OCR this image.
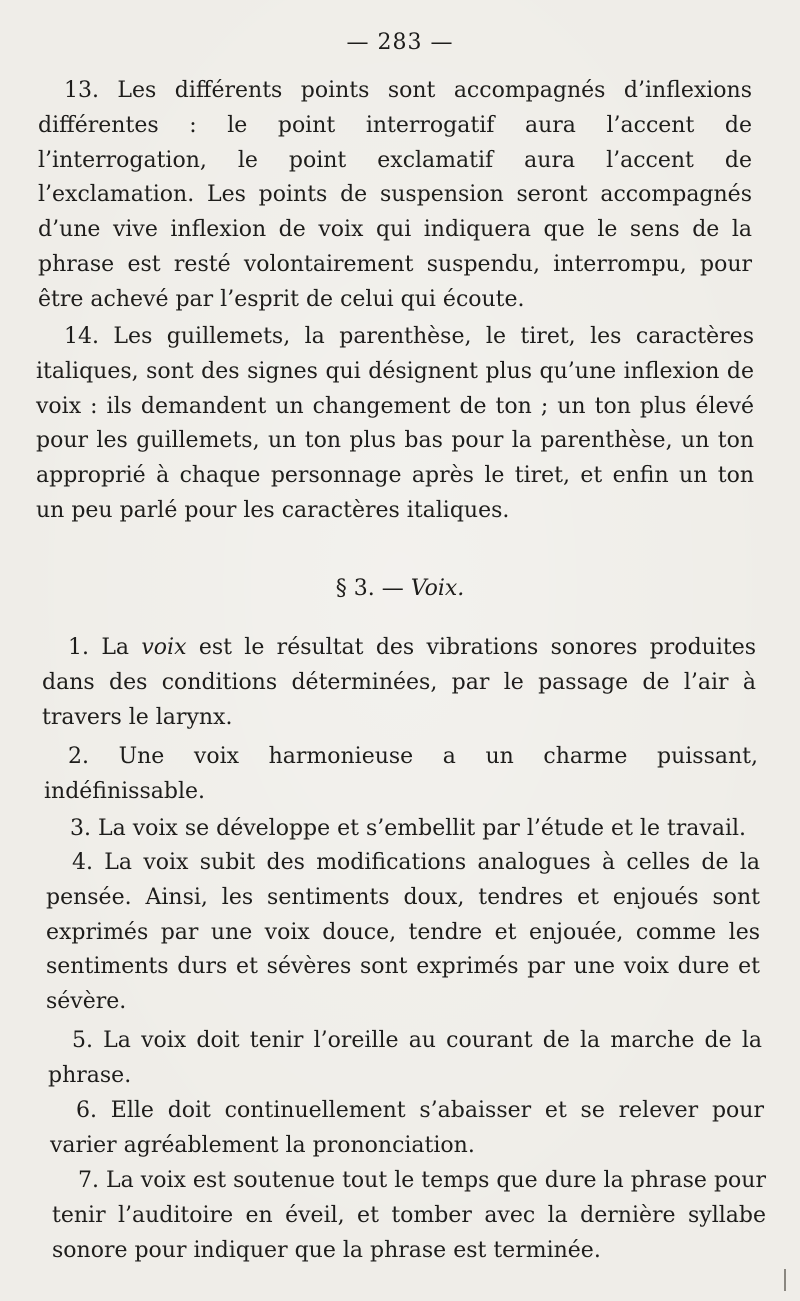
— 283 —

13. Les différents points sont accompagnés d’inflexions différentes : le point interrogatif aura l’accent de l’interrogation, le point exclamatif aura l’accent de l’exclamation. Les points de suspension seront accompagnés d’une vive inflexion de voix qui indiquera que le sens de la phrase est resté volontairement suspendu, interrompu, pour être achevé par l’esprit de celui qui écoute.

14. Les guillemets, la parenthèse, le tiret, les caractères italiques, sont des signes qui désignent plus qu’une inflexion de voix : ils demandent un changement de ton ; un ton plus élevé pour les guillemets, un ton plus bas pour la parenthèse, un ton approprié à chaque personnage après le tiret, et enfin un ton un peu parlé pour les caractères italiques.

§ 3. — Voix.

1. La voix est le résultat des vibrations sonores produites dans des conditions déterminées, par le passage de l’air à travers le larynx.

2. Une voix harmonieuse a un charme puissant, indéfinissable.

3. La voix se développe et s’embellit par l’étude et le travail.

4. La voix subit des modifications analogues à celles de la pensée. Ainsi, les sentiments doux, tendres et enjoués sont exprimés par une voix douce, tendre et enjouée, comme les sentiments durs et sévères sont exprimés par une voix dure et sévère.

5. La voix doit tenir l’oreille au courant de la marche de la phrase.

6. Elle doit continuellement s’abaisser et se relever pour varier agréablement la prononciation.

7. La voix est soutenue tout le temps que dure la phrase pour tenir l’auditoire en éveil, et tomber avec la dernière syllabe sonore pour indiquer que la phrase est terminée.
